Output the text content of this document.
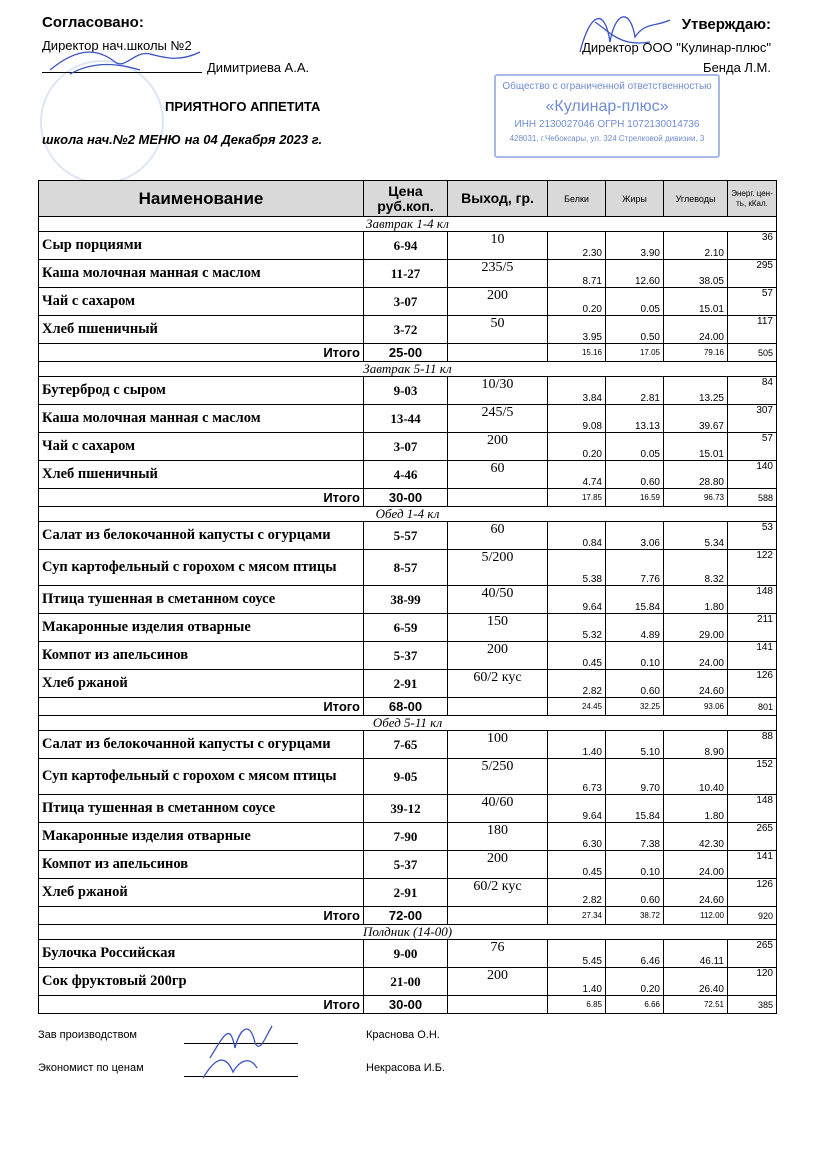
Согласовано:
Директор нач.школы №2
Димитриева А.А.
Утверждаю:
Директор ООО "Кулинар-плюс"
Бенда Л.М.
Общество с ограниченной ответственностью
«Кулинар-плюс»
ИНН 2130027046 ОГРН 1072130014736
428031, г.Чебоксары, ул. 324 Стрелковой дивизии, 3
ПРИЯТНОГО АППЕТИТА
школа нач.№2 МЕНЮ на 04 Декабря 2023 г.
Наименование	Цена руб.коп.	Выход, гр.	Белки	Жиры	Углеводы	Энерг. цен-ть, кКал.
Завтрак 1-4 кл						
Сыр порциями	6-94	10	2.30	3.90	2.10	36
Каша молочная манная с маслом	11-27	235/5	8.71	12.60	38.05	295
Чай с сахаром	3-07	200	0.20	0.05	15.01	57
Хлеб пшеничный	3-72	50	3.95	0.50	24.00	117
Итого	25-00		15.16	17.05	79.16	505
Завтрак 5-11 кл						
Бутерброд с сыром	9-03	10/30	3.84	2.81	13.25	84
Каша молочная манная с маслом	13-44	245/5	9.08	13.13	39.67	307
Чай с сахаром	3-07	200	0.20	0.05	15.01	57
Хлеб пшеничный	4-46	60	4.74	0.60	28.80	140
Итого	30-00		17.85	16.59	96.73	588
Обед 1-4 кл						
Салат из белокочанной капусты с огурцами	5-57	60	0.84	3.06	5.34	53
Суп картофельный с горохом с мясом птицы	8-57	5/200	5.38	7.76	8.32	122
Птица тушенная в сметанном соусе	38-99	40/50	9.64	15.84	1.80	148
Макаронные изделия отварные	6-59	150	5.32	4.89	29.00	211
Компот из апельсинов	5-37	200	0.45	0.10	24.00	141
Хлеб ржаной	2-91	60/2 кус	2.82	0.60	24.60	126
Итого	68-00		24.45	32.25	93.06	801
Обед 5-11 кл						
Салат из белокочанной капусты с огурцами	7-65	100	1.40	5.10	8.90	88
Суп картофельный с горохом с мясом птицы	9-05	5/250	6.73	9.70	10.40	152
Птица тушенная в сметанном соусе	39-12	40/60	9.64	15.84	1.80	148
Макаронные изделия отварные	7-90	180	6.30	7.38	42.30	265
Компот из апельсинов	5-37	200	0.45	0.10	24.00	141
Хлеб ржаной	2-91	60/2 кус	2.82	0.60	24.60	126
Итого	72-00		27.34	38.72	112.00	920
Полдник (14-00)						
Булочка Российская	9-00	76	5.45	6.46	46.11	265
Сок фруктовый 200гр	21-00	200	1.40	0.20	26.40	120
Итого	30-00		6.85	6.66	72.51	385
Зав производством	Краснова О.Н.
Экономист по ценам	Некрасова И.Б.
